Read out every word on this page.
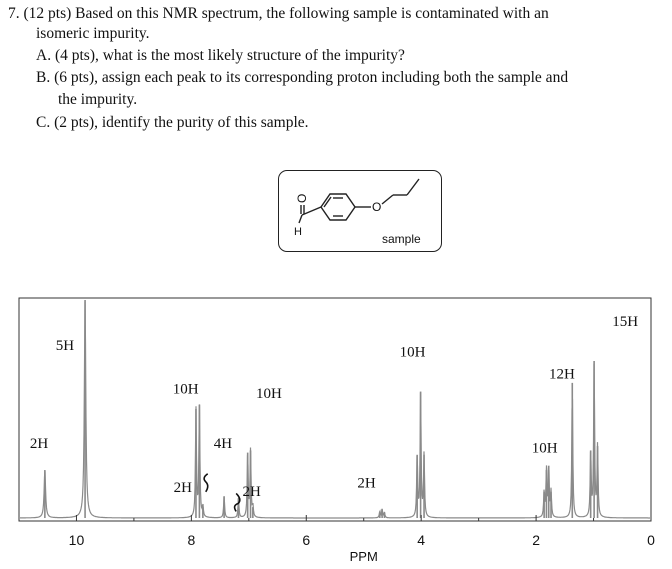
7. (12 pts) Based on this NMR spectrum, the following sample is contaminated with an
isomeric impurity.
A. (4 pts), what is the most likely structure of the impurity?
B. (6 pts), assign each peak to its corresponding proton including both the sample and
the impurity.
C. (2 pts), identify the purity of this sample.
O
H
O
sample
10	8	6	4	2	0
PPM
5H
2H
10H
4H
2H
10H
2H
2H
10H
12H
10H
15H
